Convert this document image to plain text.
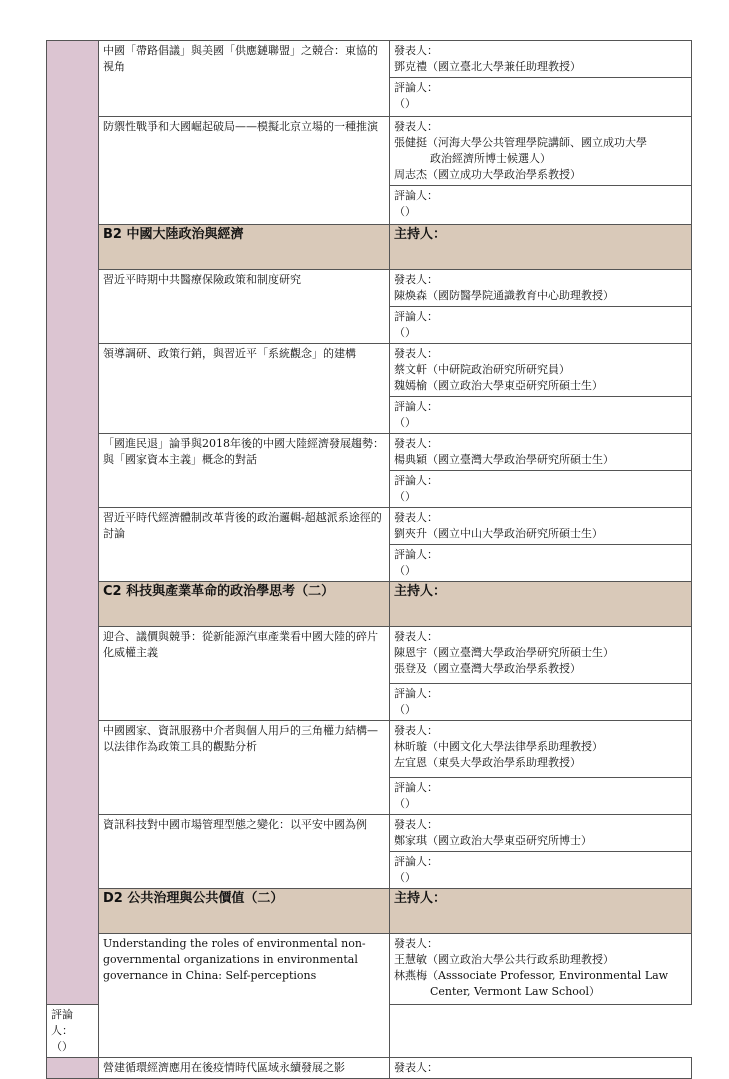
	中國「帶路倡議」與美國「供應鏈聯盟」之競合：東協的視角	發表人：
鄧克禮（國立臺北大學兼任助理教授）

		評論人：
（）

	防禦性戰爭和大國崛起破局——模擬北京立場的一種推演	發表人：
張健挺（河海大學公共管理學院講師、國立成功大學
政治經濟所博士候選人）
周志杰（國立成功大學政治學系教授）

		評論人：
（）

	B2 中國大陸政治與經濟	主持人：
	習近平時期中共醫療保險政策和制度研究	發表人：
陳煥森（國防醫學院通識教育中心助理教授）

		評論人：
（）

	領導調研、政策行銷，與習近平「系統觀念」的建構	發表人：
蔡文軒（中研院政治研究所研究員）
魏嫣榆（國立政治大學東亞研究所碩士生）

		評論人：
（）

	「國進民退」論爭與2018年後的中國大陸經濟發展趨勢：與「國家資本主義」概念的對話	發表人：
楊典穎（國立臺灣大學政治學研究所碩士生）

		評論人：
（）

	習近平時代經濟體制改革背後的政治邏輯-超越派系途徑的討論	發表人：
劉夾升（國立中山大學政治研究所碩士生）

		評論人：
（）

	C2 科技與產業革命的政治學思考（二）	主持人：
	迎合、議價與競爭：從新能源汽車產業看中國大陸的碎片化威權主義	發表人：
陳恩宇（國立臺灣大學政治學研究所碩士生）
張登及（國立臺灣大學政治學系教授）

		評論人：
（）

	中國國家、資訊服務中介者與個人用戶的三角權力結構—以法律作為政策工具的觀點分析	發表人：
林昕璇（中國文化大學法律學系助理教授）
左宜恩（東吳大學政治學系助理教授）

		評論人：
（）

	資訊科技對中國市場管理型態之變化：以平安中國為例	發表人：
鄭家琪（國立政治大學東亞研究所博士）

		評論人：
（）

	D2 公共治理與公共價值（二）	主持人：
	Understanding the roles of environmental non-governmental organizations in environmental governance in China: Self-perceptions	發表人：
王慧敏（國立政治大學公共行政系助理教授）
林燕梅（Asssociate Professor, Environmental Law
Center, Vermont Law School）

評論人：
（）		

	營建循環經濟應用在後疫情時代區域永續發展之影	發表人：
